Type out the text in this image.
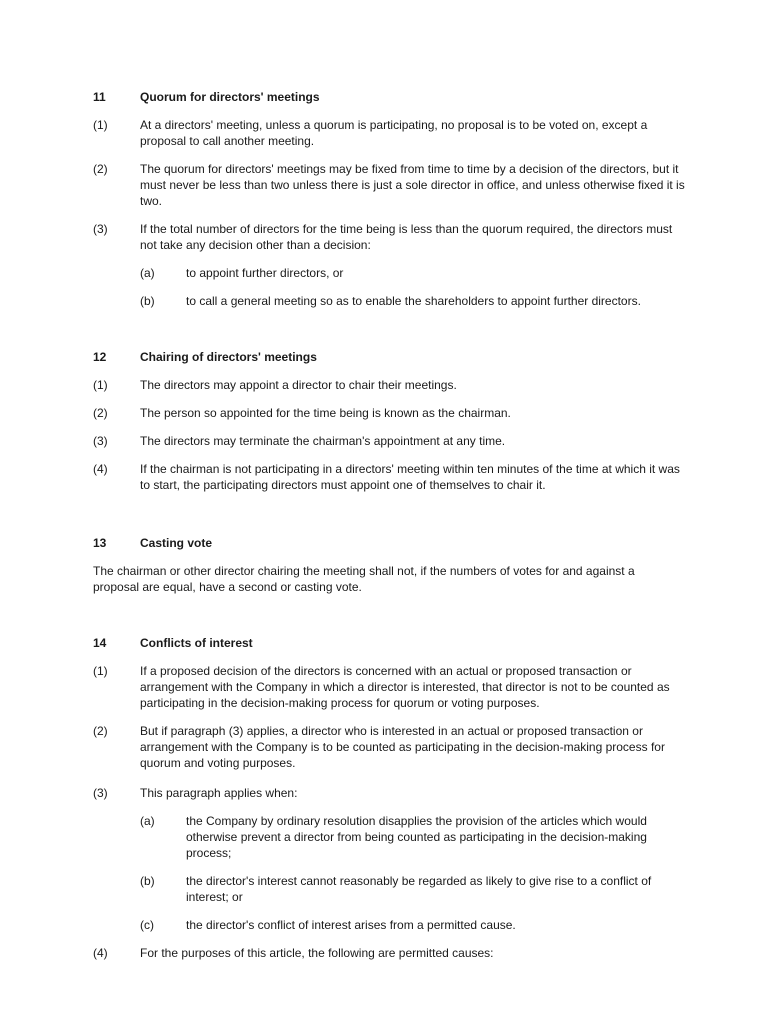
11	Quorum for directors' meetings
(1)	At a directors' meeting, unless a quorum is participating, no proposal is to be voted on, except a proposal to call another meeting.
(2)	The quorum for directors' meetings may be fixed from time to time by a decision of the directors, but it must never be less than two unless there is just a sole director in office, and unless otherwise fixed it is two.
(3)	If the total number of directors for the time being is less than the quorum required, the directors must not take any decision other than a decision:
(a)	to appoint further directors, or
(b)	to call a general meeting so as to enable the shareholders to appoint further directors.
12	Chairing of directors' meetings
(1)	The directors may appoint a director to chair their meetings.
(2)	The person so appointed for the time being is known as the chairman.
(3)	The directors may terminate the chairman's appointment at any time.
(4)	If the chairman is not participating in a directors' meeting within ten minutes of the time at which it was to start, the participating directors must appoint one of themselves to chair it.
13	Casting vote
The chairman or other director chairing the meeting shall not, if the numbers of votes for and against a proposal are equal, have a second or casting vote.
14	Conflicts of interest
(1)	If a proposed decision of the directors is concerned with an actual or proposed transaction or arrangement with the Company in which a director is interested, that director is not to be counted as participating in the decision-making process for quorum or voting purposes.
(2)	But if paragraph (3) applies, a director who is interested in an actual or proposed transaction or arrangement with the Company is to be counted as participating in the decision-making process for quorum and voting purposes.
(3)	This paragraph applies when:
(a)	the Company by ordinary resolution disapplies the provision of the articles which would otherwise prevent a director from being counted as participating in the decision-making process;
(b)	the director's interest cannot reasonably be regarded as likely to give rise to a conflict of interest; or
(c)	the director's conflict of interest arises from a permitted cause.
(4)	For the purposes of this article, the following are permitted causes:
